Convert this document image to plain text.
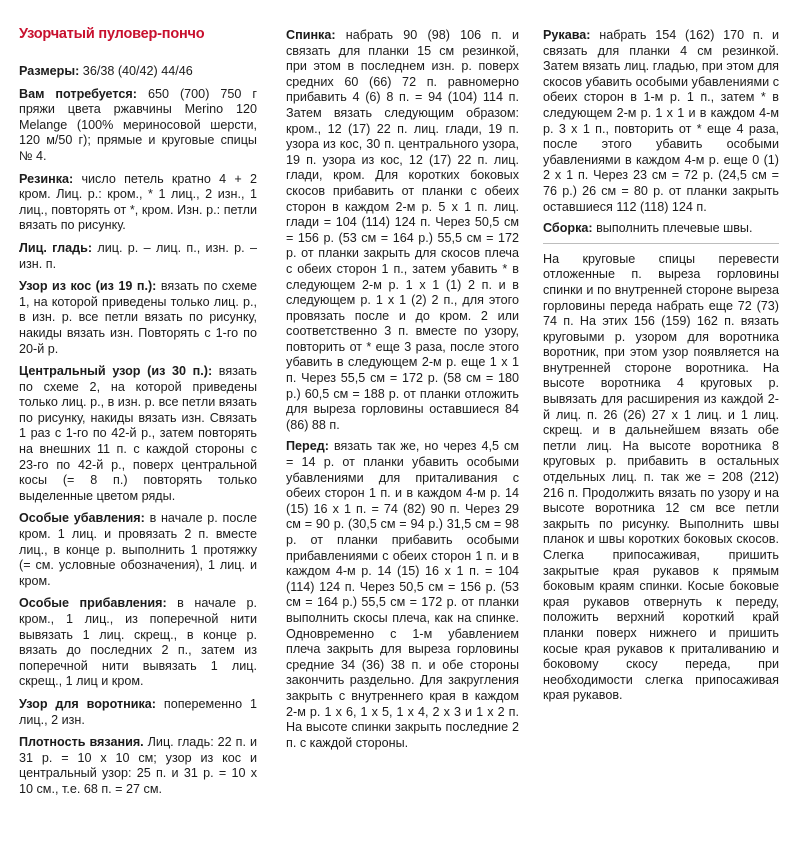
Узорчатый пуловер-пончо

Размеры: 36/38 (40/42) 44/46

Вам потребуется: 650 (700) 750 г пряжи цвета ржавчины Merino 120 Melange (100% мериносовой шерсти, 120 м/50 г); прямые и круговые спицы № 4.

Резинка: число петель кратно 4 + 2 кром. Лиц. р.: кром., * 1 лиц., 2 изн., 1 лиц., повторять от *, кром. Изн. р.: петли вязать по рисунку.

Лиц. гладь: лиц. р. – лиц. п., изн. р. – изн. п.

Узор из кос (из 19 п.): вязать по схеме 1, на которой приведены только лиц. р., в изн. р. все петли вязать по рисунку, накиды вязать изн. Повторять с 1-го по 20-й р.

Центральный узор (из 30 п.): вязать по схеме 2, на которой приведены только лиц. р., в изн. р. все петли вязать по рисунку, накиды вязать изн. Связать 1 раз с 1-го по 42-й р., затем повторять на внешних 11 п. с каждой стороны с 23-го по 42-й р., поверх центральной косы (= 8 п.) повторять только выделенные цветом ряды.

Особые убавления: в начале р. после кром. 1 лиц. и провязать 2 п. вместе лиц., в конце р. выполнить 1 протяжку (= см. условные обозначения), 1 лиц. и кром.

Особые прибавления: в начале р. кром., 1 лиц., из поперечной нити вывязать 1 лиц. скрещ., в конце р. вязать до последних 2 п., затем из поперечной нити вывязать 1 лиц. скрещ., 1 лиц и кром.

Узор для воротника: попеременно 1 лиц., 2 изн.

Плотность вязания. Лиц. гладь: 22 п. и 31 р. = 10 х 10 см; узор из кос и центральный узор: 25 п. и 31 р. = 10 х 10 см., т.е. 68 п. = 27 см.

Спинка: набрать 90 (98) 106 п. и связать для планки 15 см резинкой, при этом в последнем изн. р. поверх средних 60 (66) 72 п. равномерно прибавить 4 (6) 8 п. = 94 (104) 114 п. Затем вязать следующим образом: кром., 12 (17) 22 п. лиц. глади, 19 п. узора из кос, 30 п. центрального узора, 19 п. узора из кос, 12 (17) 22 п. лиц. глади, кром. Для коротких боковых скосов прибавить от планки с обеих сторон в каждом 2-м р. 5 х 1 п. лиц. глади = 104 (114) 124 п. Через 50,5 см = 156 р. (53 см = 164 р.) 55,5 см = 172 р. от планки закрыть для скосов плеча с обеих сторон 1 п., затем убавить * в следующем 2-м р. 1 х 1 (1) 2 п. и в следующем р. 1 х 1 (2) 2 п., для этого провязать после и до кром. 2 или соответственно 3 п. вместе по узору, повторить от * еще 3 раза, после этого убавить в следующем 2-м р. еще 1 х 1 п. Через 55,5 см = 172 р. (58 см = 180 р.) 60,5 см = 188 р. от планки отложить для выреза горловины оставшиеся 84 (86) 88 п.

Перед: вязать так же, но через 4,5 см = 14 р. от планки убавить особыми убавлениями для приталивания с обеих сторон 1 п. и в каждом 4-м р. 14 (15) 16 х 1 п. = 74 (82) 90 п. Через 29 см = 90 р. (30,5 см = 94 р.) 31,5 см = 98 р. от планки прибавить особыми прибавлениями с обеих сторон 1 п. и в каждом 4-м р. 14 (15) 16 х 1 п. = 104 (114) 124 п. Через 50,5 см = 156 р. (53 см = 164 р.) 55,5 см = 172 р. от планки выполнить скосы плеча, как на спинке. Одновременно с 1-м убавлением плеча закрыть для выреза горловины средние 34 (36) 38 п. и обе стороны закончить раздельно. Для закругления закрыть с внутреннего края в каждом 2-м р. 1 х 6, 1 х 5, 1 х 4, 2 х 3 и 1 х 2 п. На высоте спинки закрыть последние 2 п. с каждой стороны.

Рукава: набрать 154 (162) 170 п. и связать для планки 4 см резинкой. Затем вязать лиц. гладью, при этом для скосов убавить особыми убавлениями с обеих сторон в 1-м р. 1 п., затем * в следующем 2-м р. 1 х 1 и в каждом 4-м р. 3 х 1 п., повторить от * еще 4 раза, после этого убавить особыми убавлениями в каждом 4-м р. еще 0 (1) 2 х 1 п. Через 23 см = 72 р. (24,5 см = 76 р.) 26 см = 80 р. от планки закрыть оставшиеся 112 (118) 124 п.

Сборка: выполнить плечевые швы.

На круговые спицы перевести отложенные п. выреза горловины спинки и по внутренней стороне выреза горловины переда набрать еще 72 (73) 74 п. На этих 156 (159) 162 п. вязать круговыми р. узором для воротника воротник, при этом узор появляется на внутренней стороне воротника. На высоте воротника 4 круговых р. вывязать для расширения из каждой 2-й лиц. п. 26 (26) 27 х 1 лиц. и 1 лиц. скрещ. и в дальнейшем вязать обе петли лиц. На высоте воротника 8 круговых р. прибавить в остальных отдельных лиц. п. так же = 208 (212) 216 п. Продолжить вязать по узору и на высоте воротника 12 см все петли закрыть по рисунку. Выполнить швы планок и швы коротких боковых скосов. Слегка припосаживая, пришить закрытые края рукавов к прямым боковым краям спинки. Косые боковые края рукавов отвернуть к переду, положить верхний короткий край планки поверх нижнего и пришить косые края рукавов к приталиванию и боковому скосу переда, при необходимости слегка припосаживая края рукавов.
